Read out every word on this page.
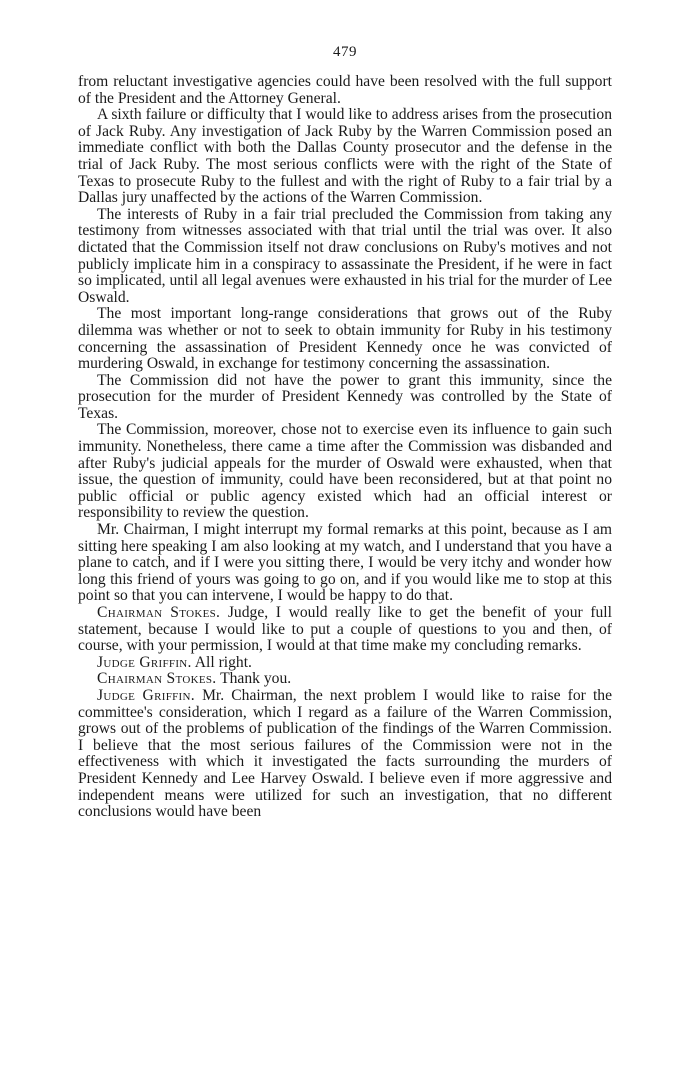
479

from reluctant investigative agencies could have been resolved with the full support of the President and the Attorney General.

A sixth failure or difficulty that I would like to address arises from the prosecution of Jack Ruby. Any investigation of Jack Ruby by the Warren Commission posed an immediate conflict with both the Dallas County prosecutor and the defense in the trial of Jack Ruby. The most serious conflicts were with the right of the State of Texas to prosecute Ruby to the fullest and with the right of Ruby to a fair trial by a Dallas jury unaffected by the actions of the Warren Commission.

The interests of Ruby in a fair trial precluded the Commission from taking any testimony from witnesses associated with that trial until the trial was over. It also dictated that the Commission itself not draw conclusions on Ruby's motives and not publicly implicate him in a conspiracy to assassinate the President, if he were in fact so implicated, until all legal avenues were exhausted in his trial for the murder of Lee Oswald.

The most important long-range considerations that grows out of the Ruby dilemma was whether or not to seek to obtain immunity for Ruby in his testimony concerning the assassination of President Kennedy once he was convicted of murdering Oswald, in exchange for testimony concerning the assassination.

The Commission did not have the power to grant this immunity, since the prosecution for the murder of President Kennedy was controlled by the State of Texas.

The Commission, moreover, chose not to exercise even its influence to gain such immunity. Nonetheless, there came a time after the Commission was disbanded and after Ruby's judicial appeals for the murder of Oswald were exhausted, when that issue, the question of immunity, could have been reconsidered, but at that point no public official or public agency existed which had an official interest or responsibility to review the question.

Mr. Chairman, I might interrupt my formal remarks at this point, because as I am sitting here speaking I am also looking at my watch, and I understand that you have a plane to catch, and if I were you sitting there, I would be very itchy and wonder how long this friend of yours was going to go on, and if you would like me to stop at this point so that you can intervene, I would be happy to do that.

Chairman Stokes. Judge, I would really like to get the benefit of your full statement, because I would like to put a couple of questions to you and then, of course, with your permission, I would at that time make my concluding remarks.

Judge Griffin. All right.

Chairman Stokes. Thank you.

Judge Griffin. Mr. Chairman, the next problem I would like to raise for the committee's consideration, which I regard as a failure of the Warren Commission, grows out of the problems of publication of the findings of the Warren Commission. I believe that the most serious failures of the Commission were not in the effectiveness with which it investigated the facts surrounding the murders of President Kennedy and Lee Harvey Oswald. I believe even if more aggressive and independent means were utilized for such an investigation, that no different conclusions would have been
